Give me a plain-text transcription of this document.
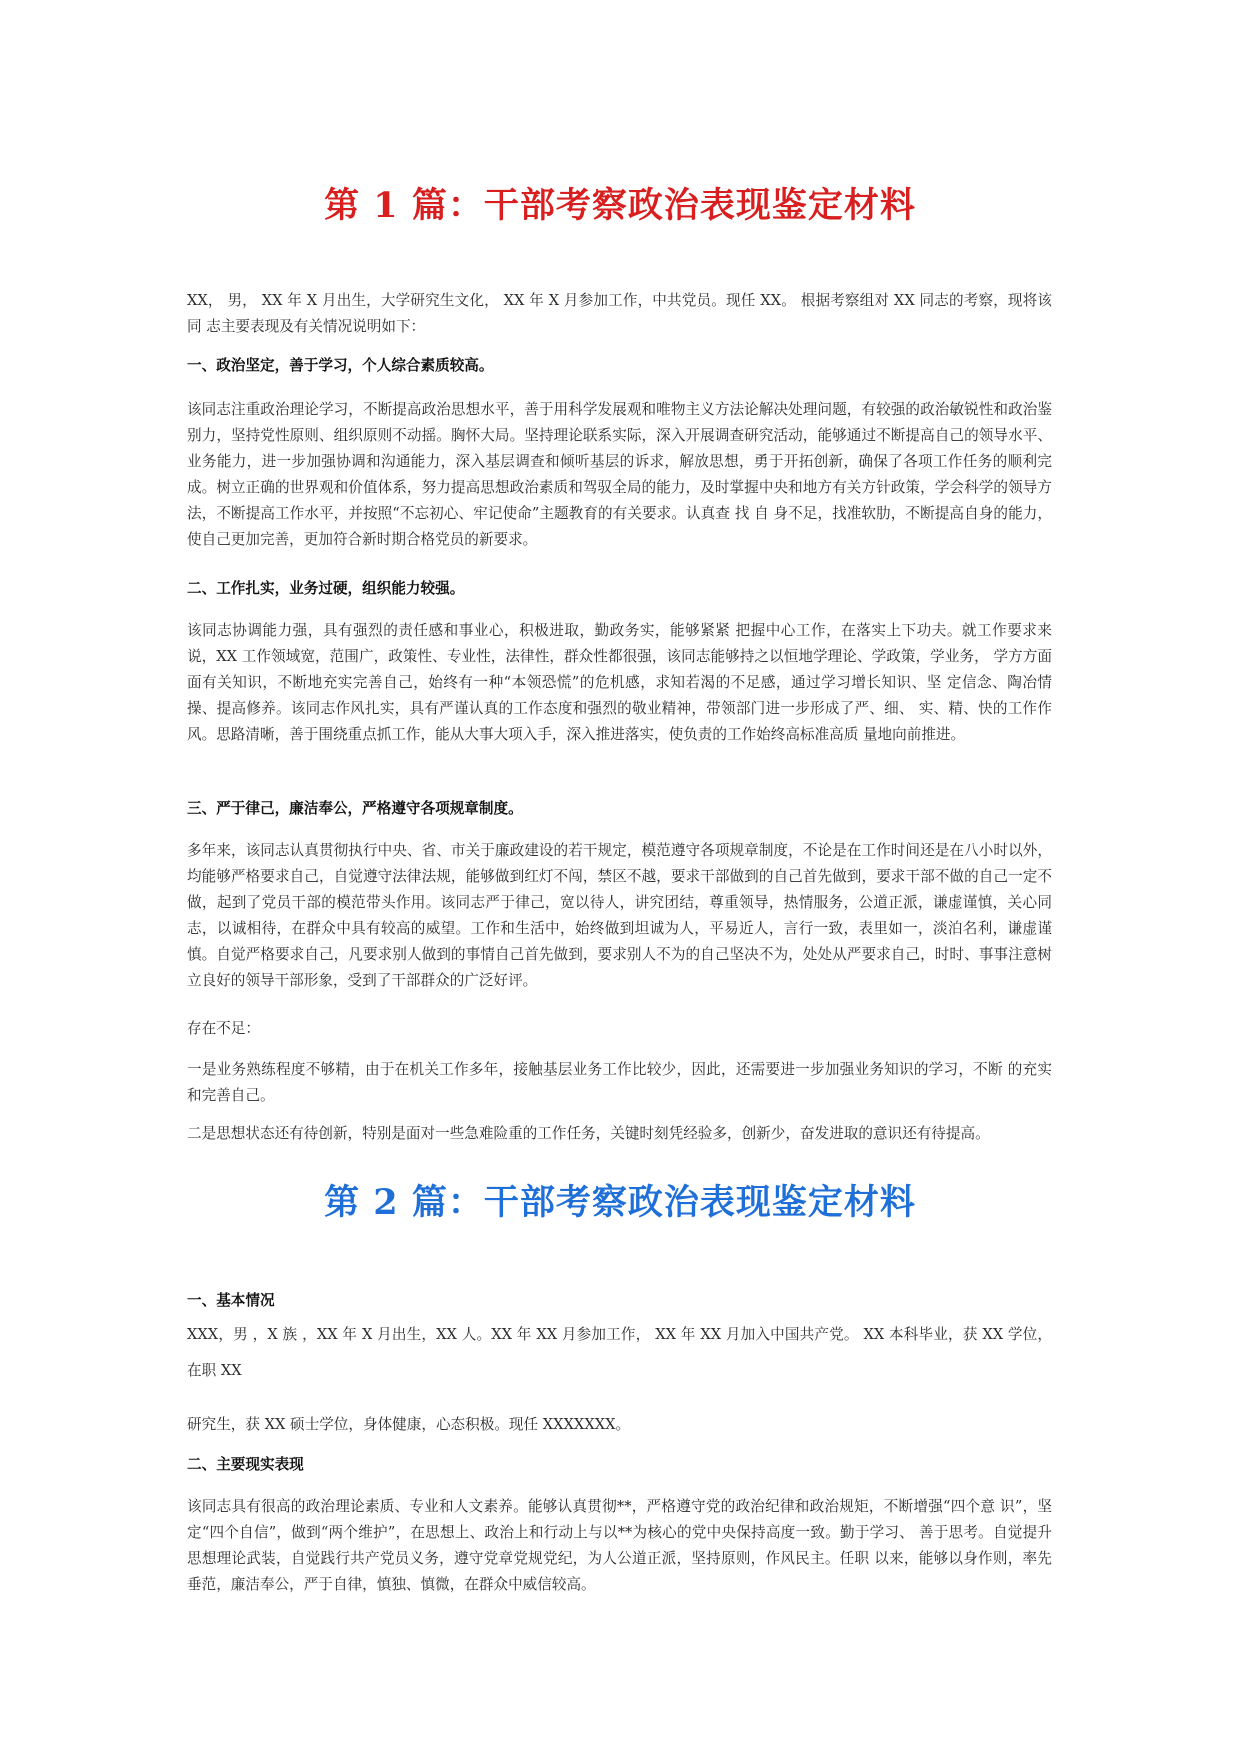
第 1 篇：干部考察政治表现鉴定材料

XX， 男， XX 年 X 月出生，大学研究生文化， XX 年 X 月参加工作，中共党员。现任 XX。 根据考察组对 XX 同志的考察，现将该同 志主要表现及有关情况说明如下：

一、政治坚定，善于学习，个人综合素质较高。

该同志注重政治理论学习，不断提高政治思想水平，善于用科学发展观和唯物主义方法论解决处理问题，有较强的政治敏锐性和政治鉴别力，坚持党性原则、组织原则不动摇。胸怀大局。坚持理论联系实际，深入开展调查研究活动，能够通过不断提高自己的领导水平、业务能力，进一步加强协调和沟通能力，深入基层调查和倾听基层的诉求，解放思想，勇于开拓创新，确保了各项工作任务的顺利完成。树立正确的世界观和价值体系，努力提高思想政治素质和驾驭全局的能力，及时掌握中央和地方有关方针政策，学会科学的领导方法，不断提高工作水平，并按照“不忘初心、牢记使命”主题教育的有关要求。认真查 找 自 身不足，找准软肋，不断提高自身的能力，使自己更加完善，更加符合新时期合格党员的新要求。

二、工作扎实，业务过硬，组织能力较强。

该同志协调能力强，具有强烈的责任感和事业心，积极进取，勤政务实，能够紧紧 把握中心工作，在落实上下功夫。就工作要求来说，XX 工作领域宽，范围广，政策性、专业性，法律性，群众性都很强，该同志能够持之以恒地学理论、学政策，学业务， 学方方面面有关知识，不断地充实完善自己，始终有一种“本领恐慌”的危机感，求知若渴的不足感，通过学习增长知识、坚 定信念、陶冶情操、提高修养。该同志作风扎实，具有严谨认真的工作态度和强烈的敬业精神，带领部门进一步形成了严、细、 实、精、快的工作作风。思路清晰，善于围绕重点抓工作，能从大事大项入手，深入推进落实，使负责的工作始终高标准高质 量地向前推进。

三、严于律己，廉洁奉公，严格遵守各项规章制度。

多年来，该同志认真贯彻执行中央、省、市关于廉政建设的若干规定，模范遵守各项规章制度，不论是在工作时间还是在八小时以外，均能够严格要求自己，自觉遵守法律法规，能够做到红灯不闯，禁区不越，要求干部做到的自己首先做到，要求干部不做的自己一定不做，起到了党员干部的模范带头作用。该同志严于律己，宽以待人，讲究团结，尊重领导，热情服务，公道正派，谦虚谨慎，关心同志，以诚相待，在群众中具有较高的威望。工作和生活中，始终做到坦诚为人，平易近人，言行一致，表里如一，淡泊名利，谦虚谨慎。自觉严格要求自己，凡要求别人做到的事情自己首先做到，要求别人不为的自己坚决不为，处处从严要求自己，时时、事事注意树立良好的领导干部形象，受到了干部群众的广泛好评。

存在不足：

一是业务熟练程度不够精，由于在机关工作多年，接触基层业务工作比较少，因此，还需要进一步加强业务知识的学习，不断 的充实和完善自己。

二是思想状态还有待创新，特别是面对一些急难险重的工作任务，关键时刻凭经验多，创新少，奋发进取的意识还有待提高。

第 2 篇：干部考察政治表现鉴定材料

一、基本情况

XXX，男 ，X 族 ，XX 年 X 月出生，XX 人。XX 年 XX 月参加工作， XX 年 XX 月加入中国共产党。 XX 本科毕业，获 XX 学位，在职 XX

研究生，获 XX 硕士学位，身体健康，心态积极。现任 XXXXXXX。

二、主要现实表现

该同志具有很高的政治理论素质、专业和人文素养。能够认真贯彻**，严格遵守党的政治纪律和政治规矩，不断增强“四个意 识”，坚定“四个自信”，做到“两个维护”，在思想上、政治上和行动上与以**为核心的党中央保持高度一致。勤于学习、 善于思考。自觉提升思想理论武装，自觉践行共产党员义务，遵守党章党规党纪，为人公道正派，坚持原则，作风民主。任职 以来，能够以身作则，率先垂范，廉洁奉公，严于自律，慎独、慎微，在群众中威信较高。
